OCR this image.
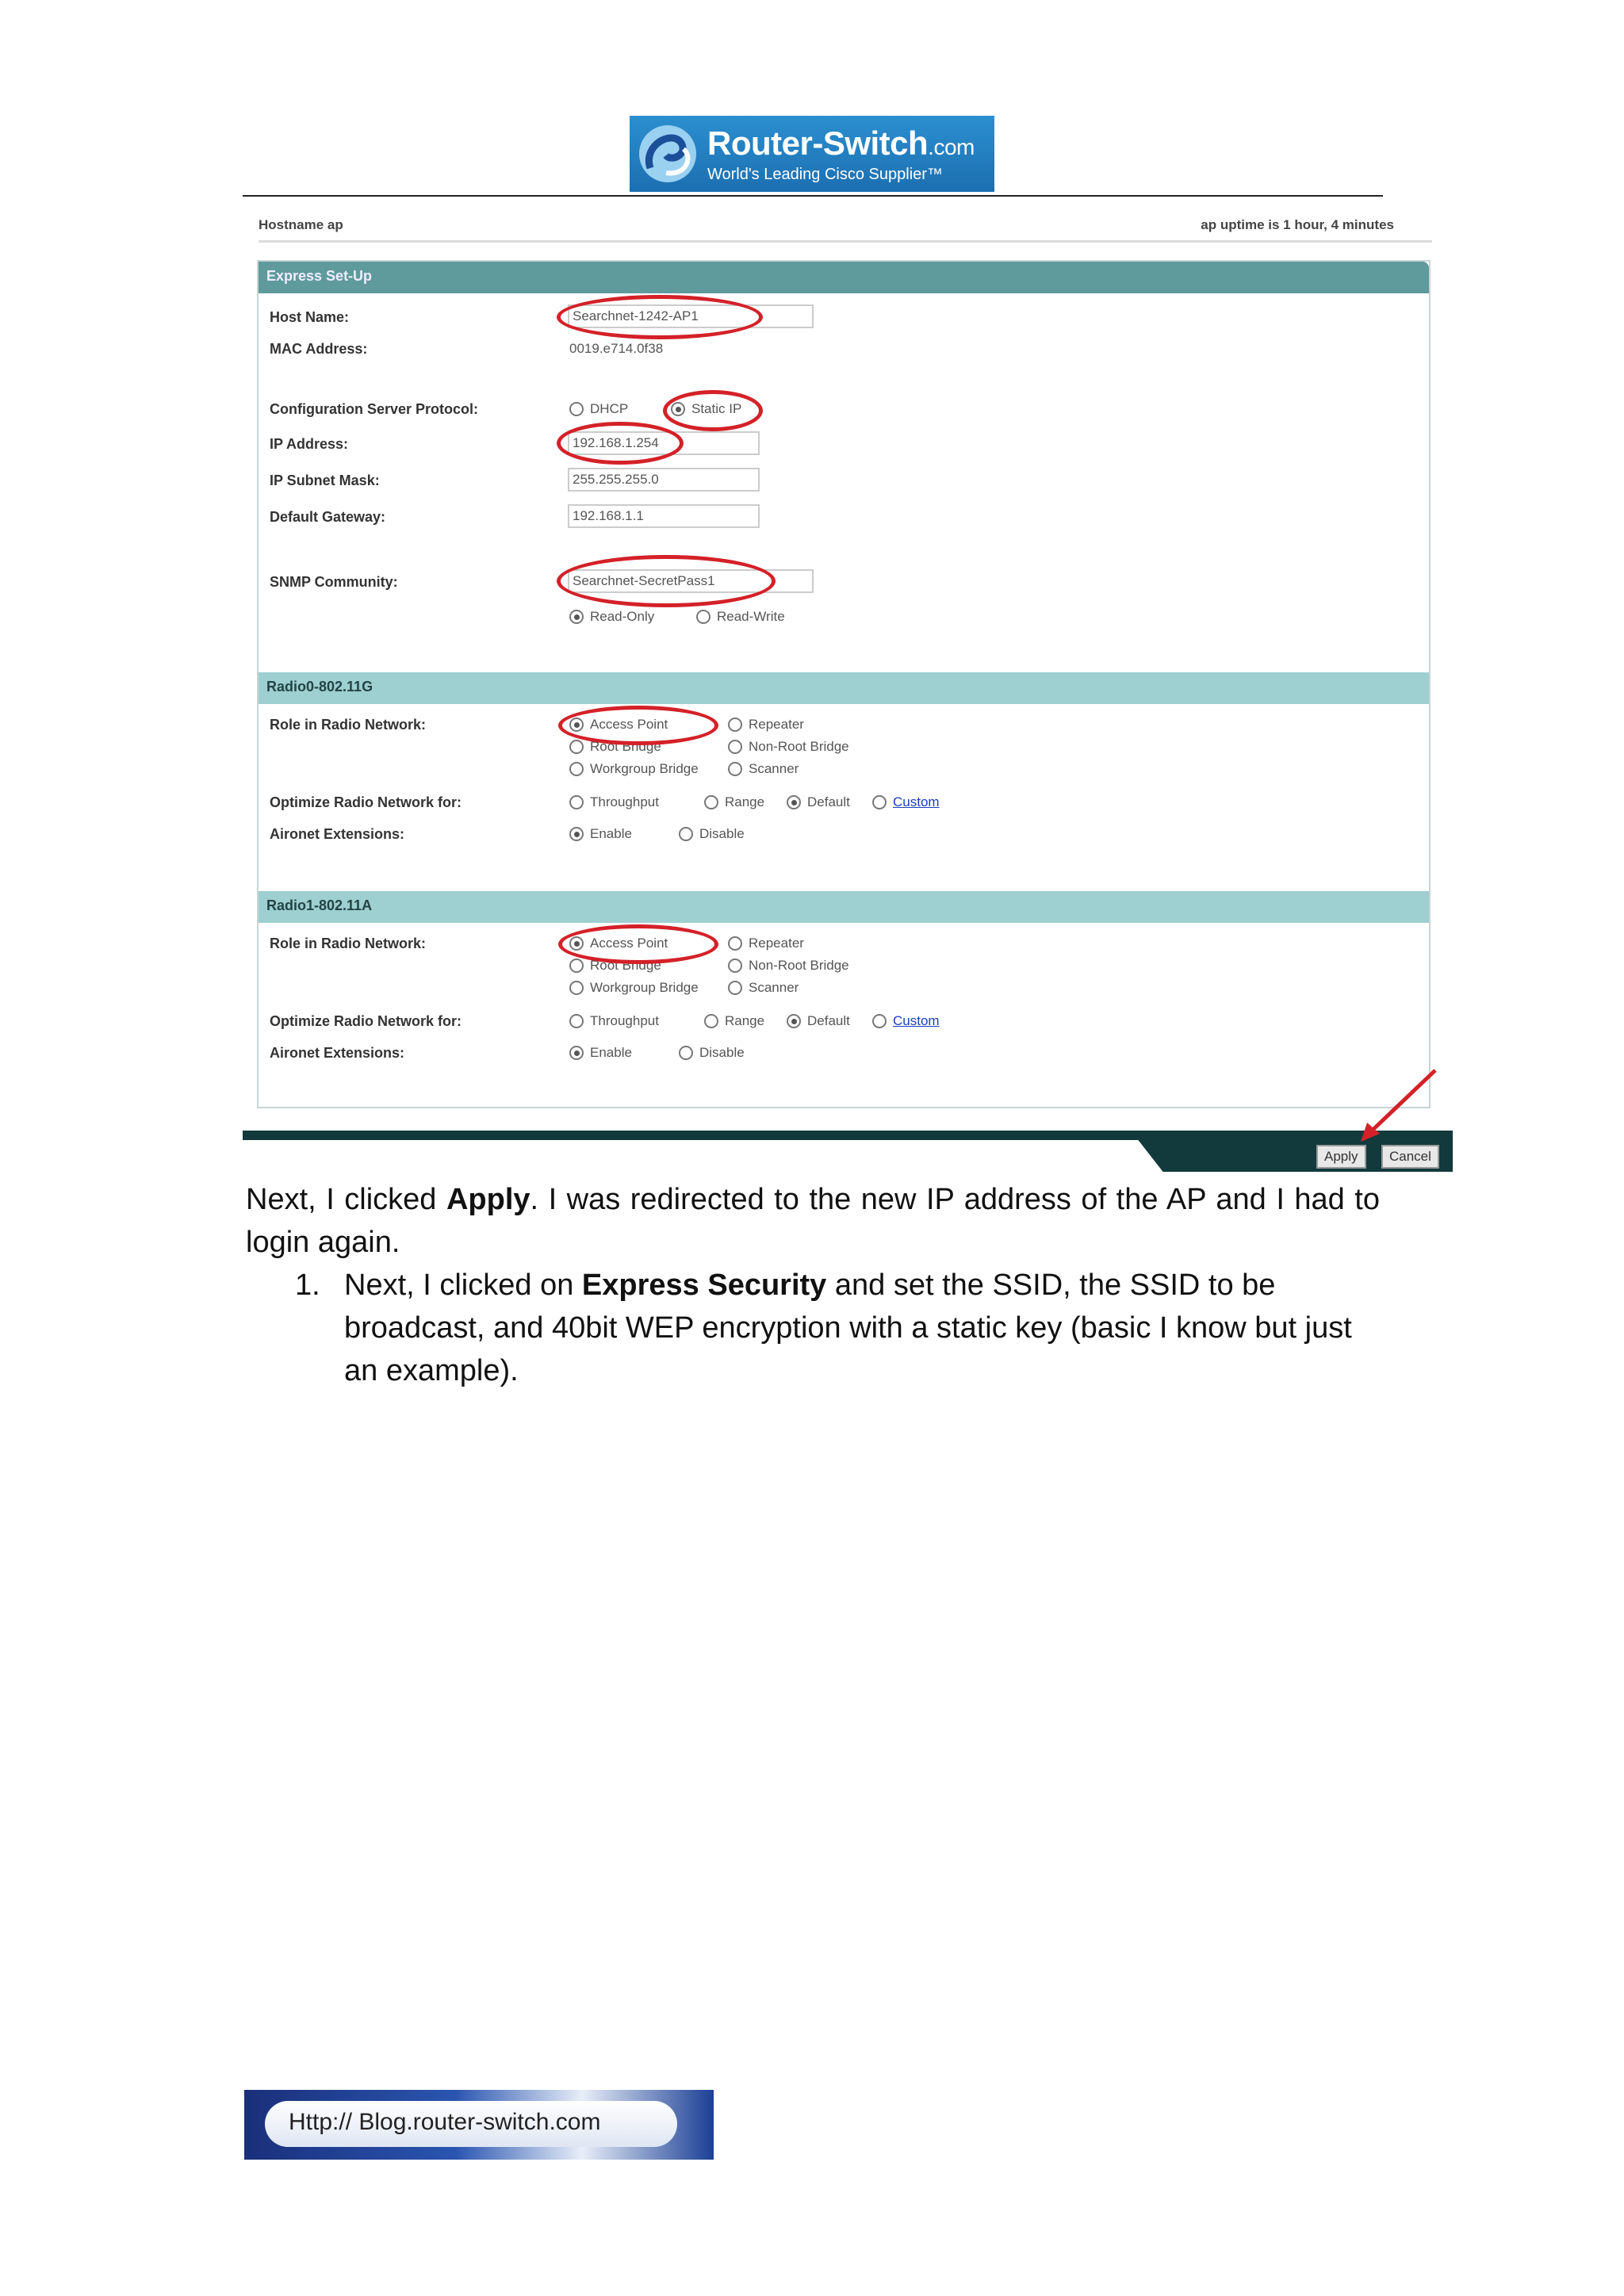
Router-Switch.com
World's Leading Cisco Supplier™
Hostname ap	ap uptime is 1 hour, 4 minutes
Express Set-Up
Host Name:	Searchnet-1242-AP1
MAC Address:	0019.e714.0f38
Configuration Server Protocol:	DHCP	Static IP
IP Address:	192.168.1.254
IP Subnet Mask:	255.255.255.0
Default Gateway:	192.168.1.1
SNMP Community:	Searchnet-SecretPass1
Read-Only	Read-Write
Radio0-802.11G
Role in Radio Network:	Access Point	Repeater
Root Bridge	Non-Root Bridge
Workgroup Bridge	Scanner
Optimize Radio Network for:	Throughput	Range	Default	Custom
Aironet Extensions:	Enable	Disable
Radio1-802.11A
Role in Radio Network:	Access Point	Repeater
Root Bridge	Non-Root Bridge
Workgroup Bridge	Scanner
Optimize Radio Network for:	Throughput	Range	Default	Custom
Aironet Extensions:	Enable	Disable
Apply	Cancel
Next, I clicked Apply. I was redirected to the new IP address of the AP and I had to login again.
1. Next, I clicked on Express Security and set the SSID, the SSID to be broadcast, and 40bit WEP encryption with a static key (basic I know but just an example).
Http:// Blog.router-switch.com
